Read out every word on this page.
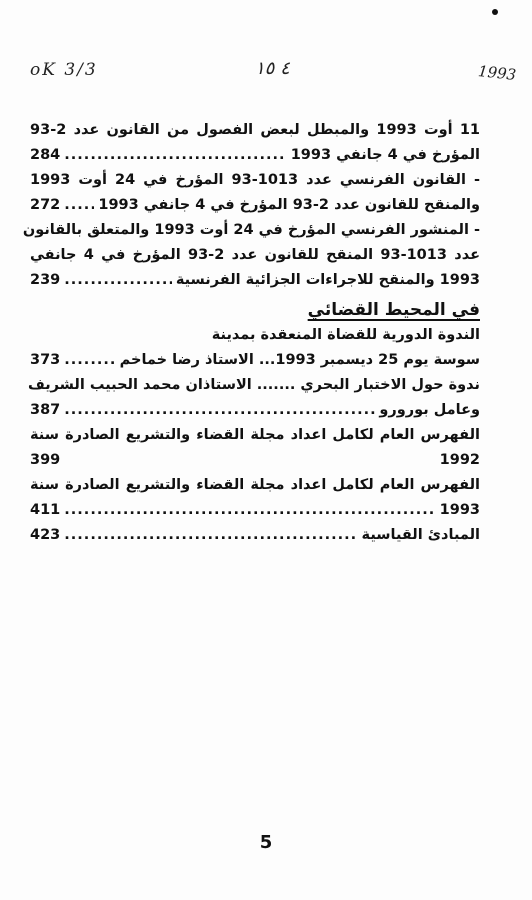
oK 3/3	٤ ١٥	1993
11 أوت 1993 والمبطل لبعض الفصول من القانون عدد 2-93
المؤرخ في 4 جانفي 1993
.....
284
- القانون الفرنسي عدد 1013-93 المؤرخ في 24 أوت 1993
والمنقح للقانون عدد 2-93 المؤرخ في 4 جانفي 1993
.....
272
- المنشور الفرنسي المؤرخ في 24 أوت 1993 والمتعلق بالقانون
عدد 1013-93 المنقح للقانون عدد 2-93 المؤرخ في 4 جانفي
1993 والمنقح للاجراءات الجزائية الفرنسية
.....
239
في المحيط القضائي
الندوة الدورية للقضاة المنعقدة بمدينة
سوسة يوم 25 ديسمبر 1993... الاستاذ رضا خماخم
.....
373
ندوة حول الاختبار البحري ....... الاستاذان محمد الحبيب الشريف
وعامل بورورو
.....
387
الفهرس العام لكامل اعداد مجلة القضاء والتشريع الصادرة سنة
1992
399
الفهرس العام لكامل اعداد مجلة القضاء والتشريع الصادرة سنة
1993
.....
411
المبادئ القياسية
.....
423
5
